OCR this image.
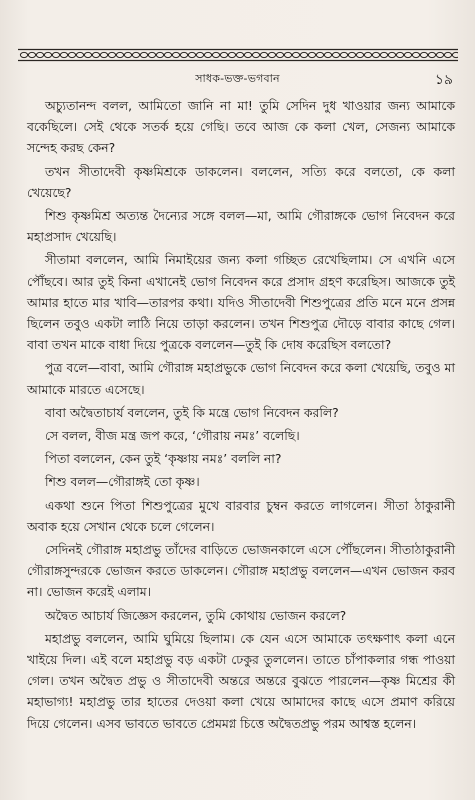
সাধক-ভক্ত-ভগবান	১৯

অচ্যুতানন্দ বলল, আমিতো জানি না মা! তুমি সেদিন দুধ খাওয়ার জন্য আমাকে বকেছিলে। সেই থেকে সতর্ক হয়ে গেছি। তবে আজ কে কলা খেল, সেজন্য আমাকে সন্দেহ করছ কেন?

তখন সীতাদেবী কৃষ্ণমিশ্রকে ডাকলেন। বললেন, সত্যি করে বলতো, কে কলা খেয়েছে?

শিশু কৃষ্ণমিশ্র অত্যন্ত দৈন্যের সঙ্গে বলল—মা, আমি গৌরাঙ্গকে ভোগ নিবেদন করে মহাপ্রসাদ খেয়েছি।

সীতামা বললেন, আমি নিমাইয়ের জন্য কলা গচ্ছিত রেখেছিলাম। সে এখনি এসে পৌঁছবে। আর তুই কিনা এখানেই ভোগ নিবেদন করে প্রসাদ গ্রহণ করেছিস। আজকে তুই আমার হাতে মার খাবি—তারপর কথা। যদিও সীতাদেবী শিশুপুত্রের প্রতি মনে মনে প্রসন্ন ছিলেন তবুও একটা লাঠি নিয়ে তাড়া করলেন। তখন শিশুপুত্র দৌড়ে বাবার কাছে গেল। বাবা তখন মাকে বাধা দিয়ে পুত্রকে বললেন—তুই কি দোষ করেছিস বলতো?

পুত্র বলে—বাবা, আমি গৌরাঙ্গ মহাপ্রভুকে ভোগ নিবেদন করে কলা খেয়েছি, তবুও মা আমাকে মারতে এসেছে।

বাবা অদ্বৈতাচার্য বললেন, তুই কি মন্ত্রে ভোগ নিবেদন করলি?

সে বলল, বীজ মন্ত্র জপ করে, ‘গৌরায় নমঃ’ বলেছি।

পিতা বললেন, কেন তুই ‘কৃষ্ণায় নমঃ’ বললি না?

শিশু বলল—গৌরাঙ্গই তো কৃষ্ণ।

একথা শুনে পিতা শিশুপুত্রের মুখে বারবার চুম্বন করতে লাগলেন। সীতা ঠাকুরানী অবাক হয়ে সেখান থেকে চলে গেলেন।

সেদিনই গৌরাঙ্গ মহাপ্রভু তাঁদের বাড়িতে ভোজনকালে এসে পৌঁছলেন। সীতাঠাকুরানী গৌরাঙ্গসুন্দরকে ভোজন করতে ডাকলেন। গৌরাঙ্গ মহাপ্রভু বললেন—এখন ভোজন করব না। ভোজন করেই এলাম।

অদ্বৈত আচার্য জিজ্ঞেস করলেন, তুমি কোথায় ভোজন করলে?

মহাপ্রভু বললেন, আমি ঘুমিয়ে ছিলাম। কে যেন এসে আমাকে তৎক্ষণাৎ কলা এনে খাইয়ে দিল। এই বলে মহাপ্রভু বড় একটা ঢেকুর তুললেন। তাতে চাঁপাকলার গন্ধ পাওয়া গেল। তখন অদ্বৈত প্রভু ও সীতাদেবী অন্তরে অন্তরে বুঝতে পারলেন—কৃষ্ণ মিশ্রের কী মহাভাগ্য! মহাপ্রভু তার হাতের দেওয়া কলা খেয়ে আমাদের কাছে এসে প্রমাণ করিয়ে দিয়ে গেলেন। এসব ভাবতে ভাবতে প্রেমমগ্ন চিত্তে অদ্বৈতপ্রভু পরম আশ্বস্ত হলেন।
